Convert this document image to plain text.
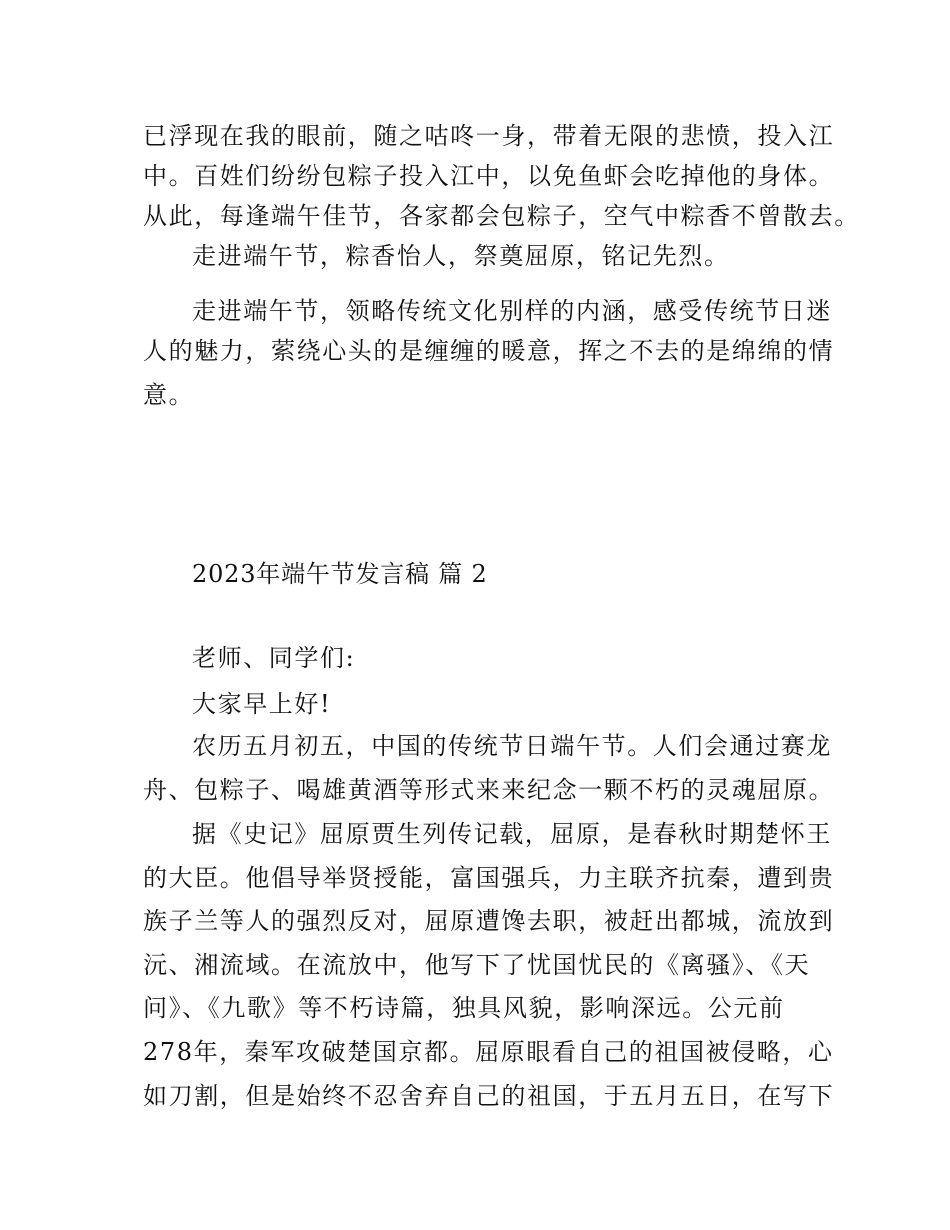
已浮现在我的眼前，随之咕咚一身，带着无限的悲愤，投入江
中。百姓们纷纷包粽子投入江中，以免鱼虾会吃掉他的身体。
从此，每逢端午佳节，各家都会包粽子，空气中粽香不曾散去。
走进端午节，粽香怡人，祭奠屈原，铭记先烈。
走进端午节，领略传统文化别样的内涵，感受传统节日迷
人的魅力，萦绕心头的是缠缠的暖意，挥之不去的是绵绵的情
意。
2023年端午节发言稿 篇 2
老师、同学们:
大家早上好!
农历五月初五，中国的传统节日端午节。人们会通过赛龙
舟、包粽子、喝雄黄酒等形式来来纪念一颗不朽的灵魂屈原。
据《史记》屈原贾生列传记载，屈原，是春秋时期楚怀王
的大臣。他倡导举贤授能，富国强兵，力主联齐抗秦，遭到贵
族子兰等人的强烈反对，屈原遭馋去职，被赶出都城，流放到
沅、湘流域。在流放中，他写下了忧国忧民的《离骚》、《天
问》、《九歌》等不朽诗篇，独具风貌，影响深远。公元前
278年，秦军攻破楚国京都。屈原眼看自己的祖国被侵略，心
如刀割，但是始终不忍舍弃自己的祖国，于五月五日，在写下
